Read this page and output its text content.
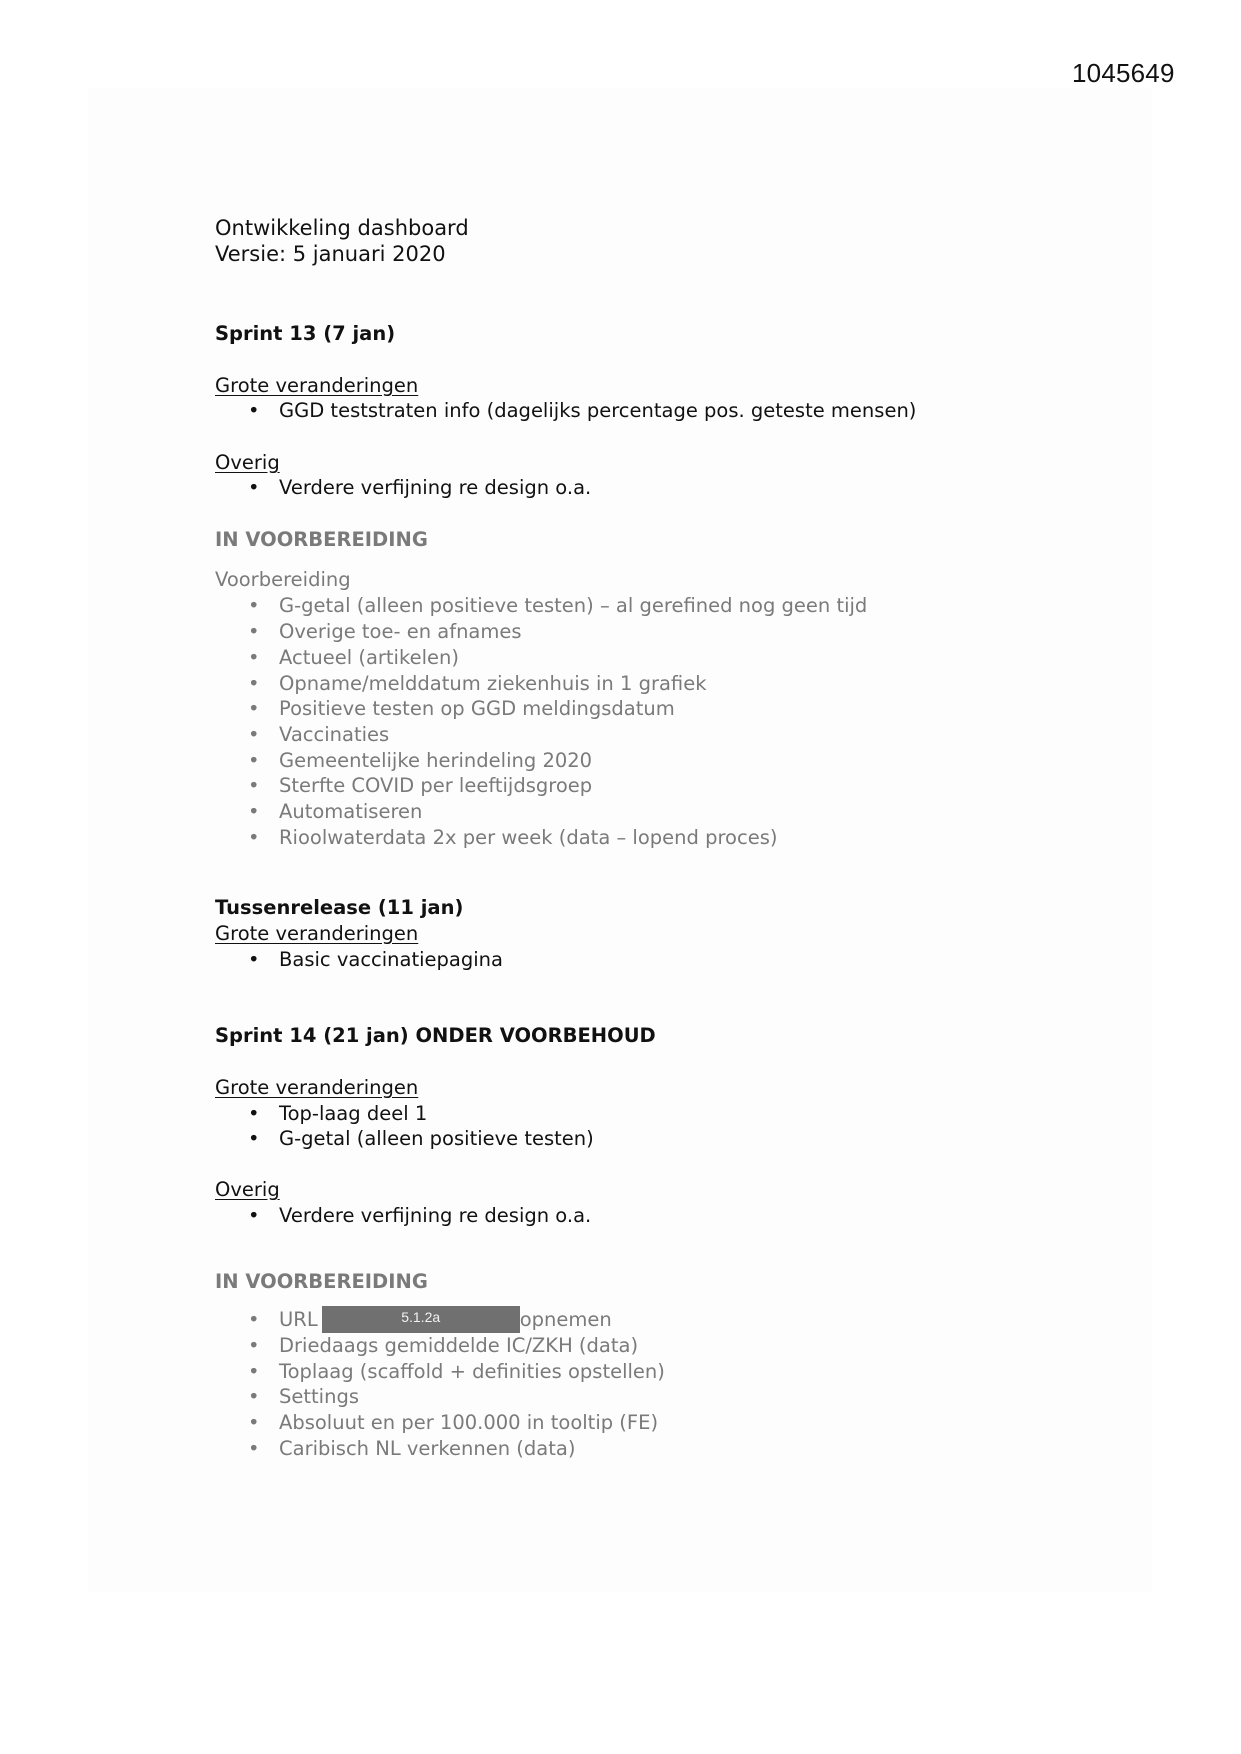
1045649
Ontwikkeling dashboard
Versie: 5 januari 2020
Sprint 13 (7 jan)
Grote veranderingen
• GGD teststraten info (dagelijks percentage pos. geteste mensen)
Overig
• Verdere verfijning re design o.a.
IN VOORBEREIDING
Voorbereiding
• G-getal (alleen positieve testen) – al gerefined nog geen tijd
• Overige toe- en afnames
• Actueel (artikelen)
• Opname/melddatum ziekenhuis in 1 grafiek
• Positieve testen op GGD meldingsdatum
• Vaccinaties
• Gemeentelijke herindeling 2020
• Sterfte COVID per leeftijdsgroep
• Automatiseren
• Rioolwaterdata 2x per week (data – lopend proces)
Tussenrelease (11 jan)
Grote veranderingen
• Basic vaccinatiepagina
Sprint 14 (21 jan) ONDER VOORBEHOUD
Grote veranderingen
• Top-laag deel 1
• G-getal (alleen positieve testen)
Overig
• Verdere verfijning re design o.a.
IN VOORBEREIDING
• URL	5.1.2a	opnemen
• Driedaags gemiddelde IC/ZKH (data)
• Toplaag (scaffold + definities opstellen)
• Settings
• Absoluut en per 100.000 in tooltip (FE)
• Caribisch NL verkennen (data)
